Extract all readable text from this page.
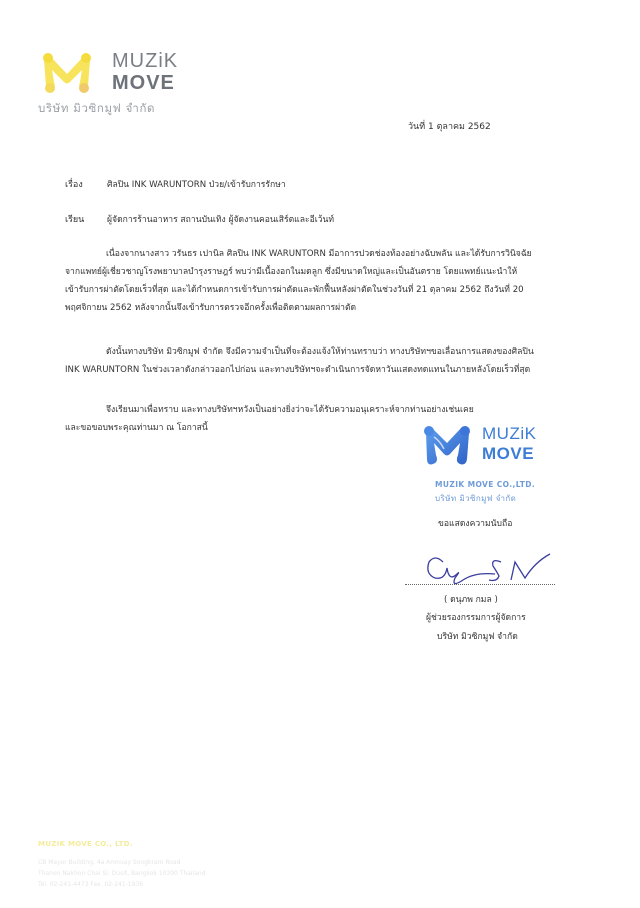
MUZiK
MOVE
บริษัท มิวซิกมูฟ จำกัด
วันที่ 1 ตุลาคม 2562
เรื่อง	ศิลปิน INK WARUNTORN ป่วย/เข้ารับการรักษา
เรียน	ผู้จัดการร้านอาหาร สถานบันเทิง ผู้จัดงานคอนเสิร์ตและอีเว้นท์
เนื่องจากนางสาว วรันธร เปานิล ศิลปิน INK WARUNTORN มีอาการปวดช่องท้องอย่างฉับพลัน และได้รับการวินิจฉัย
จากแพทย์ผู้เชี่ยวชาญโรงพยาบาลบำรุงราษฎร์ พบว่ามีเนื้องอกในมดลูก ซึ่งมีขนาดใหญ่และเป็นอันตราย โดยแพทย์แนะนำให้
เข้ารับการผ่าตัดโดยเร็วที่สุด และได้กำหนดการเข้ารับการผ่าตัดและพักฟื้นหลังผ่าตัดในช่วงวันที่ 21 ตุลาคม 2562 ถึงวันที่ 20
พฤศจิกายน 2562 หลังจากนั้นจึงเข้ารับการตรวจอีกครั้งเพื่อติดตามผลการผ่าตัด
ดังนั้นทางบริษัท มิวซิกมูฟ จำกัด จึงมีความจำเป็นที่จะต้องแจ้งให้ท่านทราบว่า ทางบริษัทฯขอเลื่อนการแสดงของศิลปิน
INK WARUNTORN ในช่วงเวลาดังกล่าวออกไปก่อน และทางบริษัทฯจะดำเนินการจัดหาวันแสดงทดแทนในภายหลังโดยเร็วที่สุด
จึงเรียนมาเพื่อทราบ และทางบริษัทฯหวังเป็นอย่างยิ่งว่าจะได้รับความอนุเคราะห์จากท่านอย่างเช่นเคย
และขอขอบพระคุณท่านมา ณ โอกาสนี้	MUZiK
MOVE
MUZIK MOVE CO.,LTD.
บริษัท มิวซิกมูฟ จำกัด
ขอแสดงความนับถือ
( ดนุภพ กมล )
ผู้ช่วยรองกรรมการผู้จัดการ
บริษัท มิวซิกมูฟ จำกัด
MUZIK MOVE CO., LTD.
CB Mayor Building, 4a Amnuay Songkram Road
Thanon Nakhon Chai Si, Dusit, Bangkok 10300 Thailand
Tel. 02-241-4473 Fax. 02-241-1936
